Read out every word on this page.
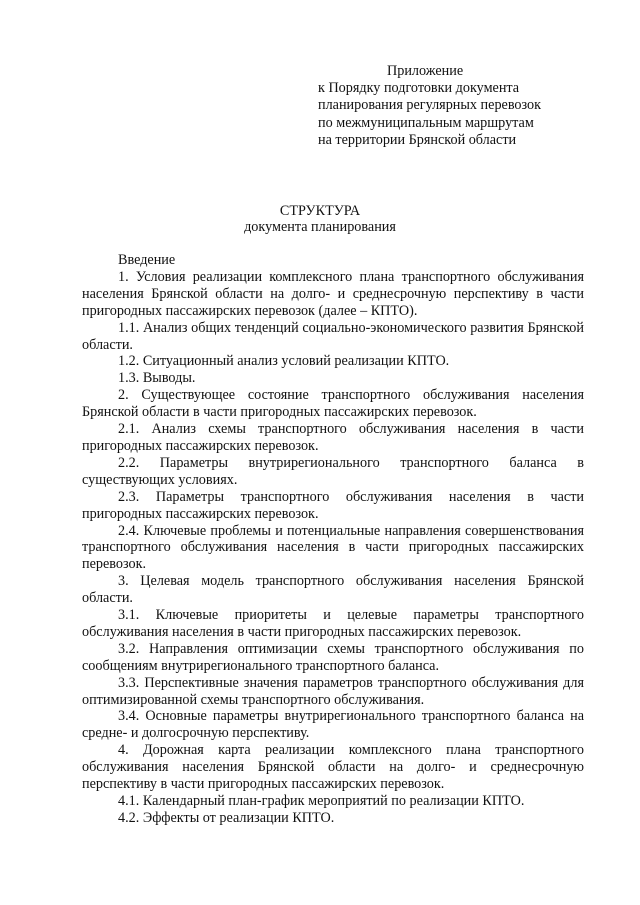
Приложение
к Порядку подготовки документа
планирования регулярных перевозок
по межмуниципальным маршрутам
на территории Брянской области
СТРУКТУРА
документа планирования
Введение
1. Условия реализации комплексного плана транспортного обслуживания населения Брянской области на долго- и среднесрочную перспективу в части пригородных пассажирских перевозок (далее – КПТО).
1.1. Анализ общих тенденций социально-экономического развития Брянской области.
1.2. Ситуационный анализ условий реализации КПТО.
1.3. Выводы.
2. Существующее состояние транспортного обслуживания населения Брянской области в части пригородных пассажирских перевозок.
2.1. Анализ схемы транспортного обслуживания населения в части пригородных пассажирских перевозок.
2.2. Параметры внутрирегионального транспортного баланса в существующих условиях.
2.3. Параметры транспортного обслуживания населения в части пригородных пассажирских перевозок.
2.4. Ключевые проблемы и потенциальные направления совершенствования транспортного обслуживания населения в части пригородных пассажирских перевозок.
3. Целевая модель транспортного обслуживания населения Брянской области.
3.1. Ключевые приоритеты и целевые параметры транспортного обслуживания населения в части пригородных пассажирских перевозок.
3.2. Направления оптимизации схемы транспортного обслуживания по сообщениям внутрирегионального транспортного баланса.
3.3. Перспективные значения параметров транспортного обслуживания для оптимизированной схемы транспортного обслуживания.
3.4. Основные параметры внутрирегионального транспортного баланса на средне- и долгосрочную перспективу.
4. Дорожная карта реализации комплексного плана транспортного обслуживания населения Брянской области на долго- и среднесрочную перспективу в части пригородных пассажирских перевозок.
4.1. Календарный план-график мероприятий по реализации КПТО.
4.2. Эффекты от реализации КПТО.
